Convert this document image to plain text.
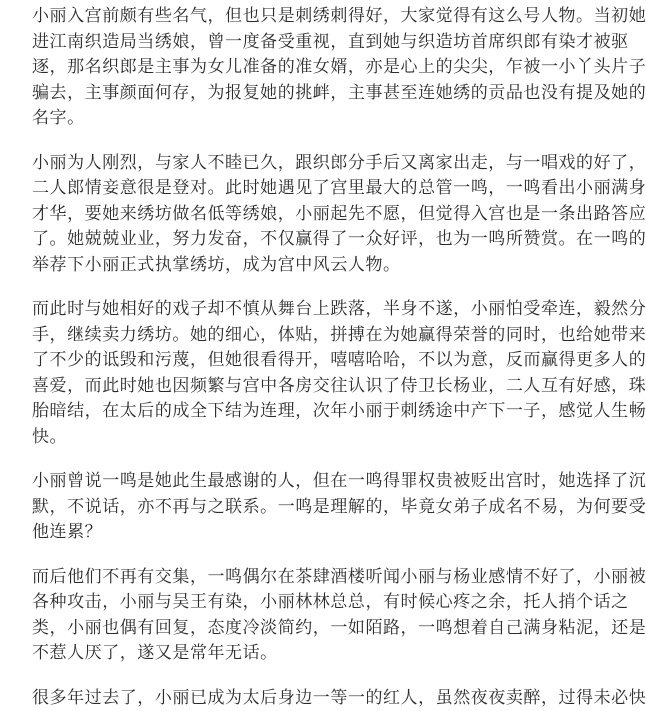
小丽入宫前颇有些名气，但也只是刺绣刺得好，大家觉得有这么号人物。当初她
进江南织造局当绣娘，曾一度备受重视，直到她与织造坊首席织郎有染才被驱
逐，那名织郎是主事为女儿准备的准女婿，亦是心上的尖尖，乍被一小丫头片子
骗去，主事颜面何存，为报复她的挑衅，主事甚至连她绣的贡品也没有提及她的
名字。
小丽为人刚烈，与家人不睦已久，跟织郎分手后又离家出走，与一唱戏的好了，
二人郎情妾意很是登对。此时她遇见了宫里最大的总管一鸣，一鸣看出小丽满身
才华，要她来绣坊做名低等绣娘，小丽起先不愿，但觉得入宫也是一条出路答应
了。她兢兢业业，努力发奋，不仅赢得了一众好评，也为一鸣所赞赏。在一鸣的
举荐下小丽正式执掌绣坊，成为宫中风云人物。
而此时与她相好的戏子却不慎从舞台上跌落，半身不遂，小丽怕受牵连，毅然分
手，继续卖力绣坊。她的细心，体贴，拼搏在为她赢得荣誉的同时，也给她带来
了不少的诋毁和污蔑，但她很看得开，嘻嘻哈哈，不以为意，反而赢得更多人的
喜爱，而此时她也因频繁与宫中各房交往认识了侍卫长杨业，二人互有好感，珠
胎暗结，在太后的成全下结为连理，次年小丽于刺绣途中产下一子，感觉人生畅
快。
小丽曾说一鸣是她此生最感谢的人，但在一鸣得罪权贵被贬出宫时，她选择了沉
默，不说话，亦不再与之联系。一鸣是理解的，毕竟女弟子成名不易，为何要受
他连累？
而后他们不再有交集，一鸣偶尔在茶肆酒楼听闻小丽与杨业感情不好了，小丽被
各种攻击，小丽与吴王有染，小丽林林总总，有时候心疼之余，托人捎个话之
类，小丽也偶有回复，态度冷淡简约，一如陌路，一鸣想着自己满身粘泥，还是
不惹人厌了，遂又是常年无话。
很多年过去了，小丽已成为太后身边一等一的红人，虽然夜夜卖醉，过得未必快
